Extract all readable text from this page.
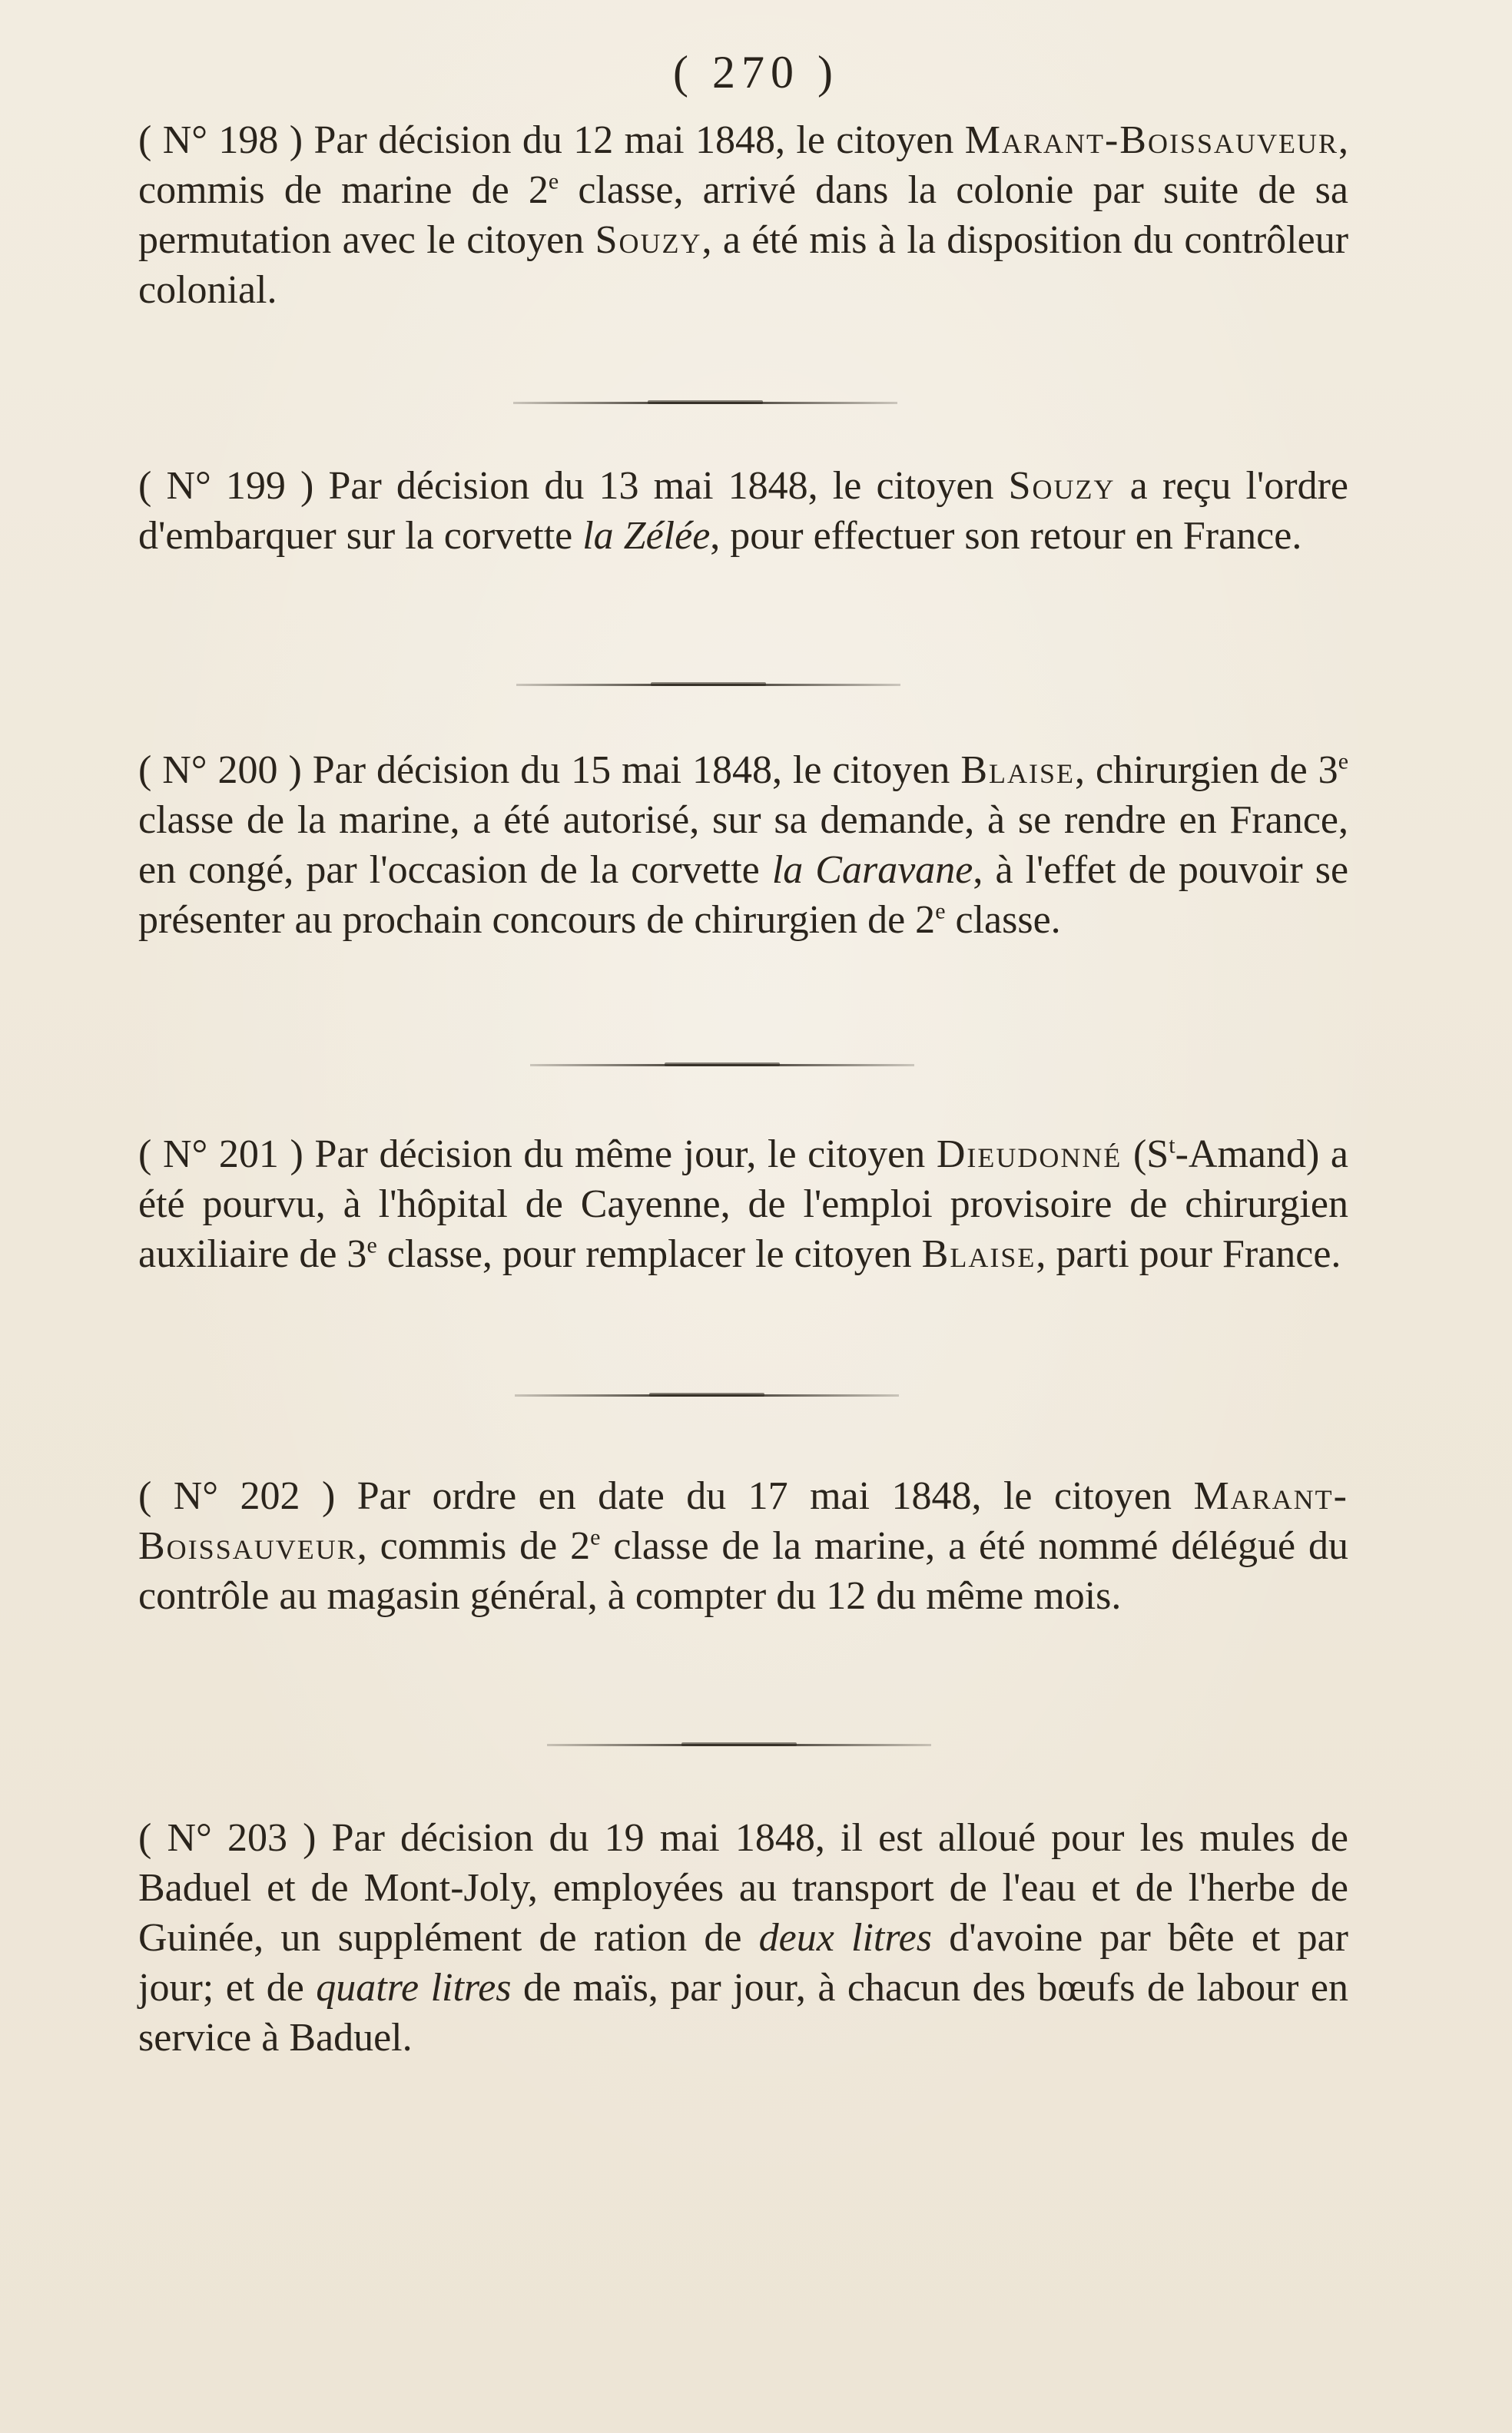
( 270 )

( N° 198 ) Par décision du 12 mai 1848, le citoyen Marant-Boissauveur, commis de marine de 2e classe, arrivé dans la colonie par suite de sa permutation avec le citoyen Souzy, a été mis à la disposition du contrôleur colonial.

( N° 199 ) Par décision du 13 mai 1848, le citoyen Souzy a reçu l'ordre d'embarquer sur la corvette la Zélée, pour effectuer son retour en France.

( N° 200 ) Par décision du 15 mai 1848, le citoyen Blaise, chirurgien de 3e classe de la marine, a été autorisé, sur sa demande, à se rendre en France, en congé, par l'occasion de la corvette la Caravane, à l'effet de pouvoir se présenter au prochain concours de chirurgien de 2e classe.

( N° 201 ) Par décision du même jour, le citoyen Dieudonné $(S^t-Amand)$ a été pourvu, à l'hôpital de Cayenne, de l'emploi provisoire de chirurgien auxiliaire de 3e classe, pour remplacer le citoyen Blaise, parti pour France.

( N° 202 ) Par ordre en date du 17 mai 1848, le citoyen Marant-Boissauveur, commis de 2e classe de la marine, a été nommé délégué du contrôle au magasin général, à compter du 12 du même mois.

( N° 203 ) Par décision du 19 mai 1848, il est alloué pour les mules de Baduel et de Mont-Joly, employées au transport de l'eau et de l'herbe de Guinée, un supplément de ration de deux litres d'avoine par bête et par jour; et de quatre litres de maïs, par jour, à chacun des bœufs de labour en service à Baduel.
